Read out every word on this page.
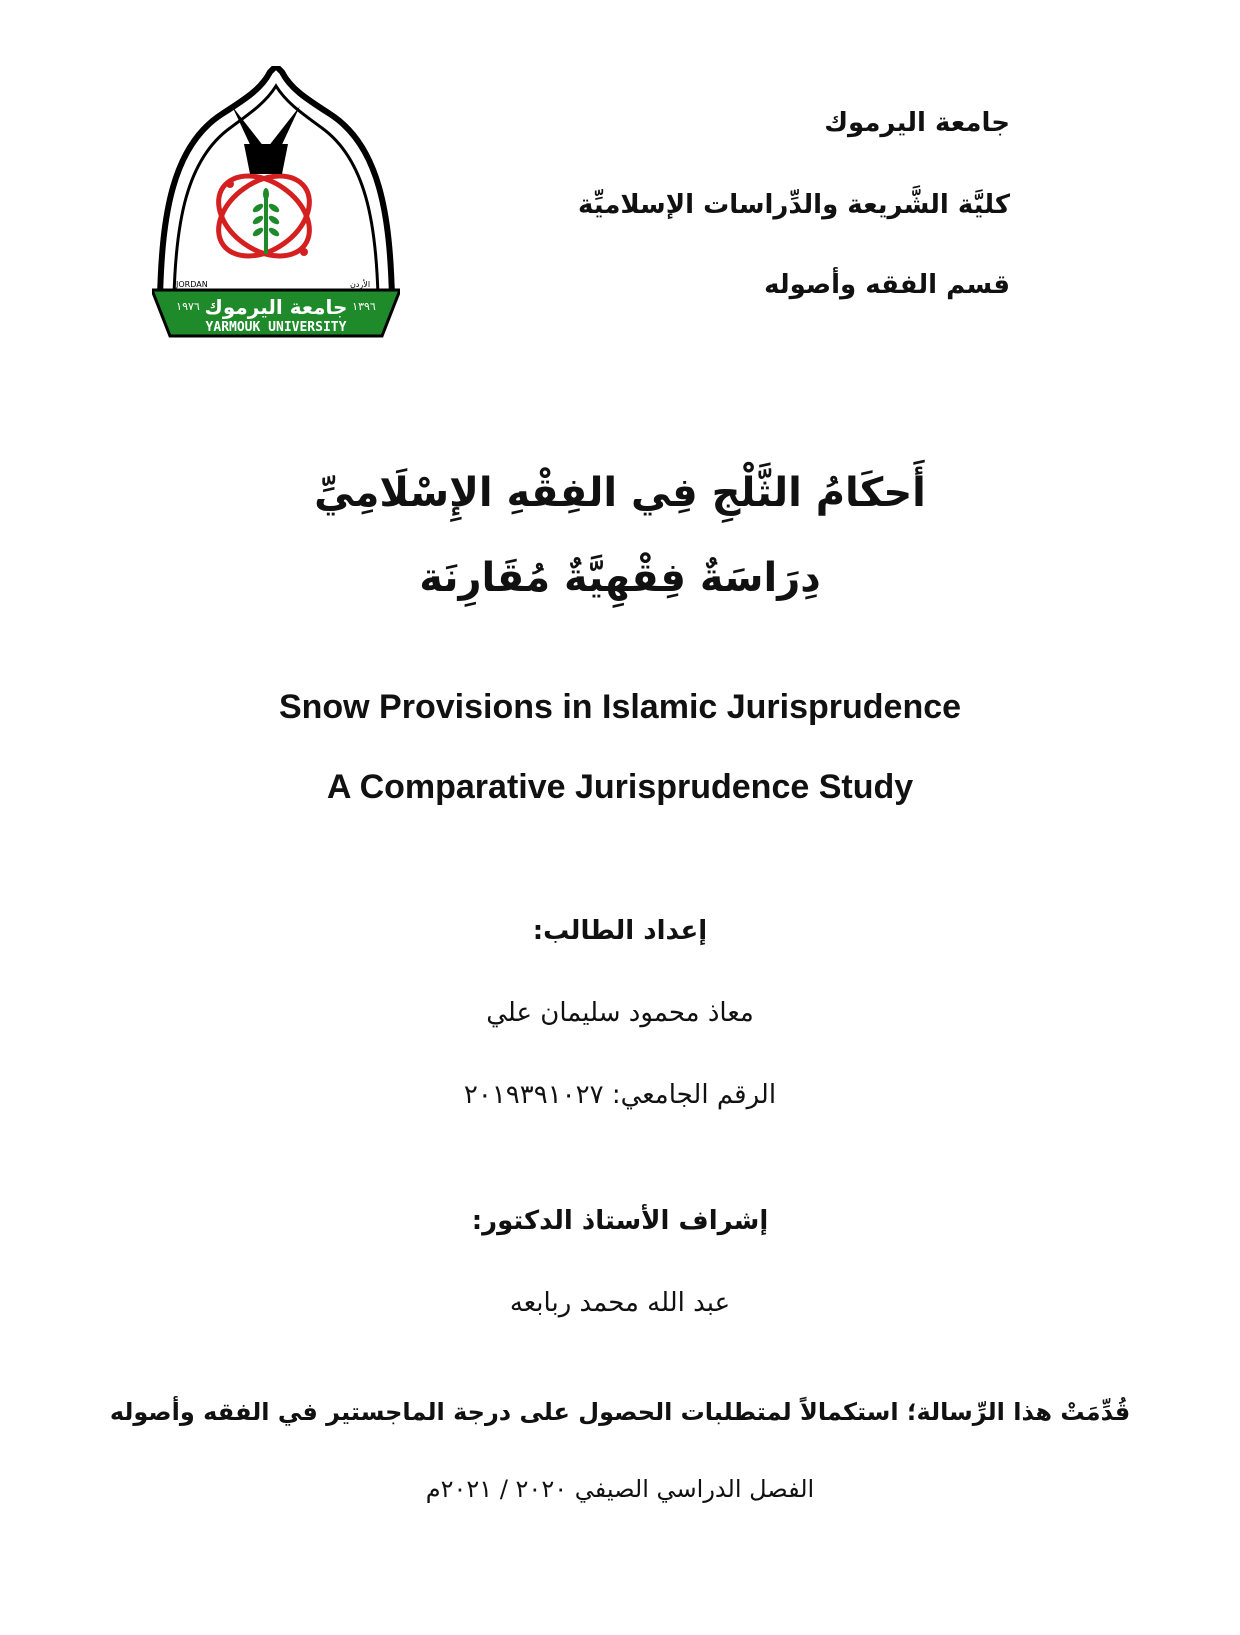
جامعة اليرموك
كليَّة الشَّريعة والدِّراسات الإسلاميِّة
قسم الفقه وأصوله
JORDAN	الأردن
جامعة اليرموك
١٩٧٦	١٣٩٦
YARMOUK UNIVERSITY
أَحكَامُ الثَّلْجِ فِي الفِقْهِ الإِسْلَامِيِّ
دِرَاسَةٌ فِقْهِيَّةٌ مُقَارِنَة
Snow Provisions in Islamic Jurisprudence
A Comparative Jurisprudence Study
إعداد الطالب:
معاذ محمود سليمان علي
الرقم الجامعي: ٢٠١٩٣٩١٠٢٧
إشراف الأستاذ الدكتور:
عبد الله محمد ربابعه
قُدِّمَتْ هذا الرِّسالة؛ استكمالاً لمتطلبات الحصول على درجة الماجستير في الفقه وأصوله
الفصل الدراسي الصيفي ٢٠٢٠ / ٢٠٢١م
